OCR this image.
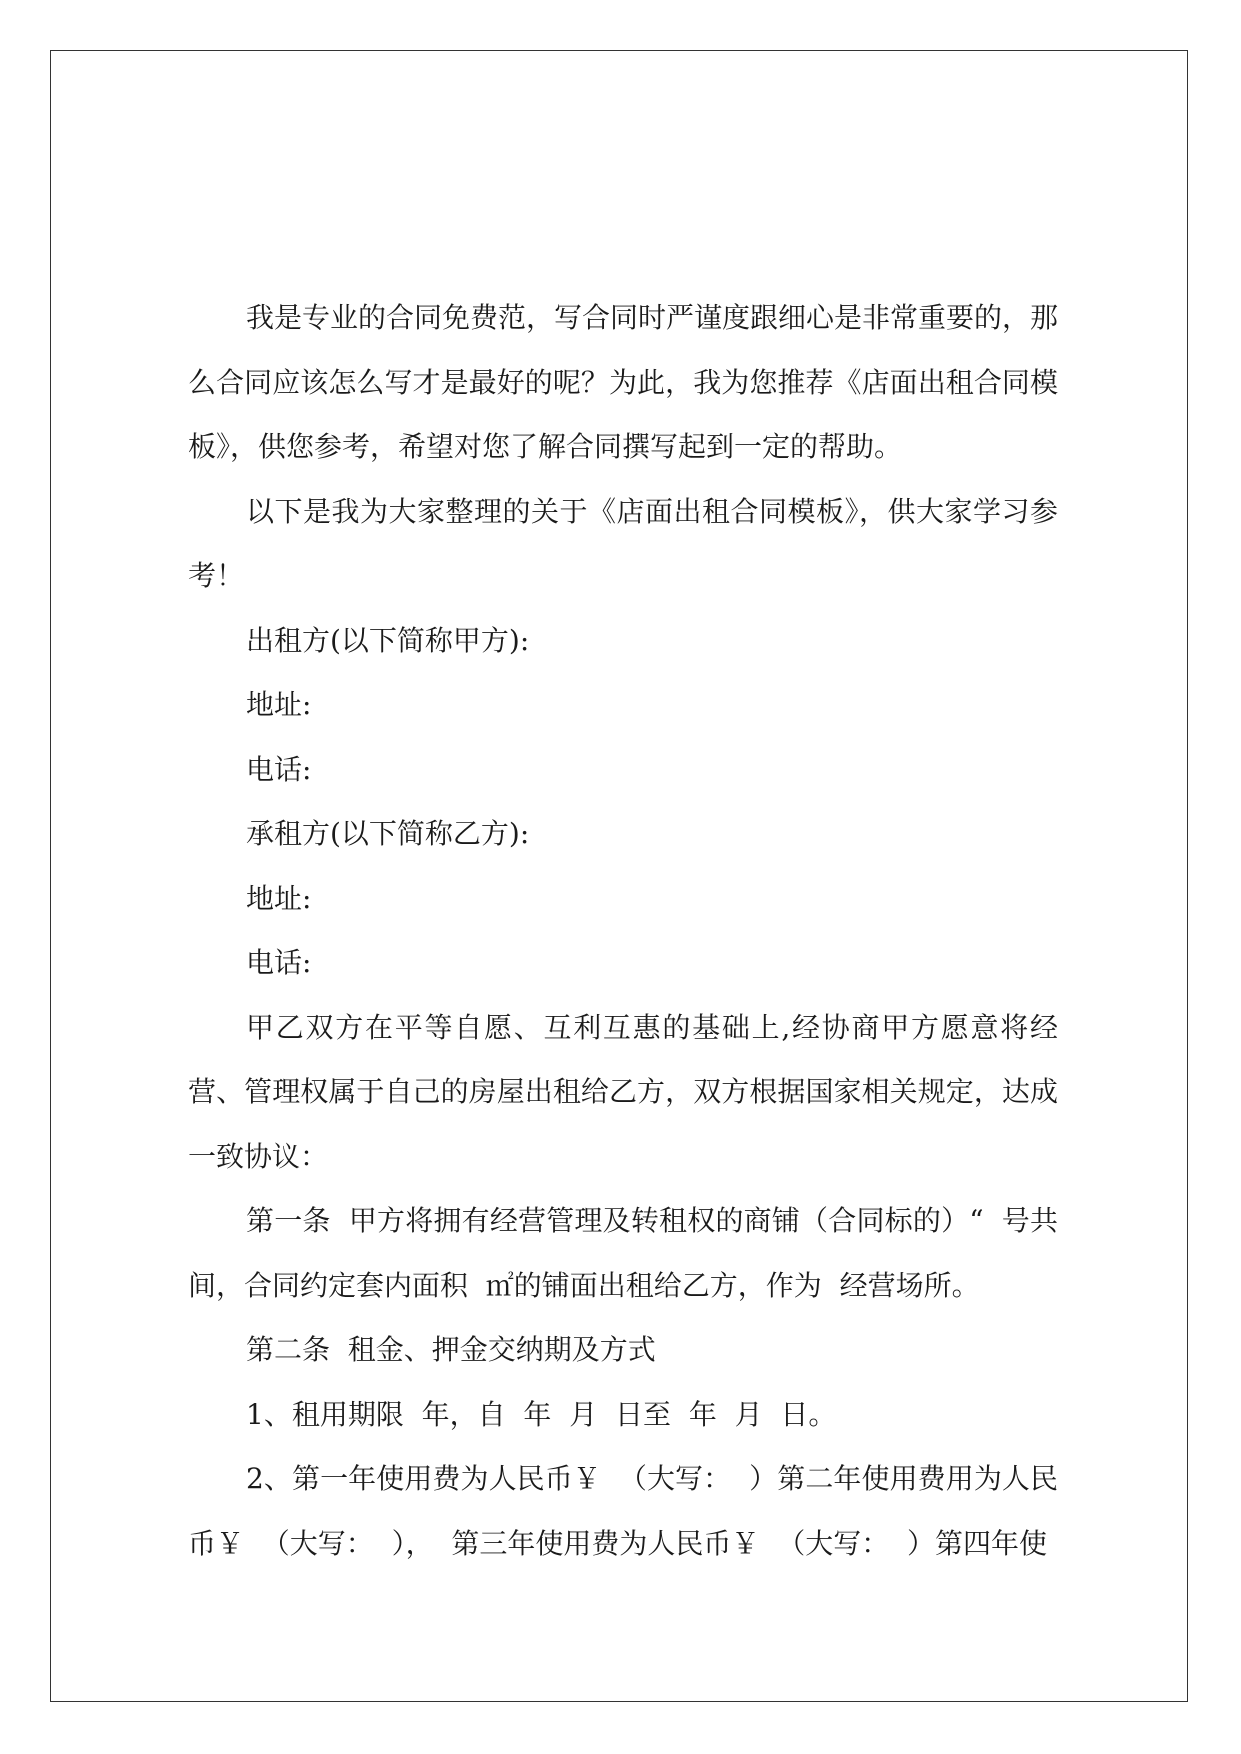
我是专业的合同免费范，写合同时严谨度跟细心是非常重要的，那么合同应该怎么写才是最好的呢？为此，我为您推荐《店面出租合同模板》，供您参考，希望对您了解合同撰写起到一定的帮助。

以下是我为大家整理的关于《店面出租合同模板》，供大家学习参考！

出租方(以下简称甲方):

地址:

电话:

承租方(以下简称乙方):

地址:

电话:

甲乙双方在平等自愿、互利互惠的基础上,经协商甲方愿意将经营、管理权属于自己的房屋出租给乙方，双方根据国家相关规定，达成一致协议：

第一条  甲方将拥有经营管理及转租权的商铺（合同标的）“  号共  间，合同约定套内面积  ㎡的铺面出租给乙方，作为  经营场所。

第二条  租金、押金交纳期及方式

1、租用期限  年，自  年  月  日至  年  月  日。

2、第一年使用费为人民币￥  （大写：  ）第二年使用费用为人民币￥  （大写：  ），  第三年使用费为人民币￥  （大写：  ）第四年使
